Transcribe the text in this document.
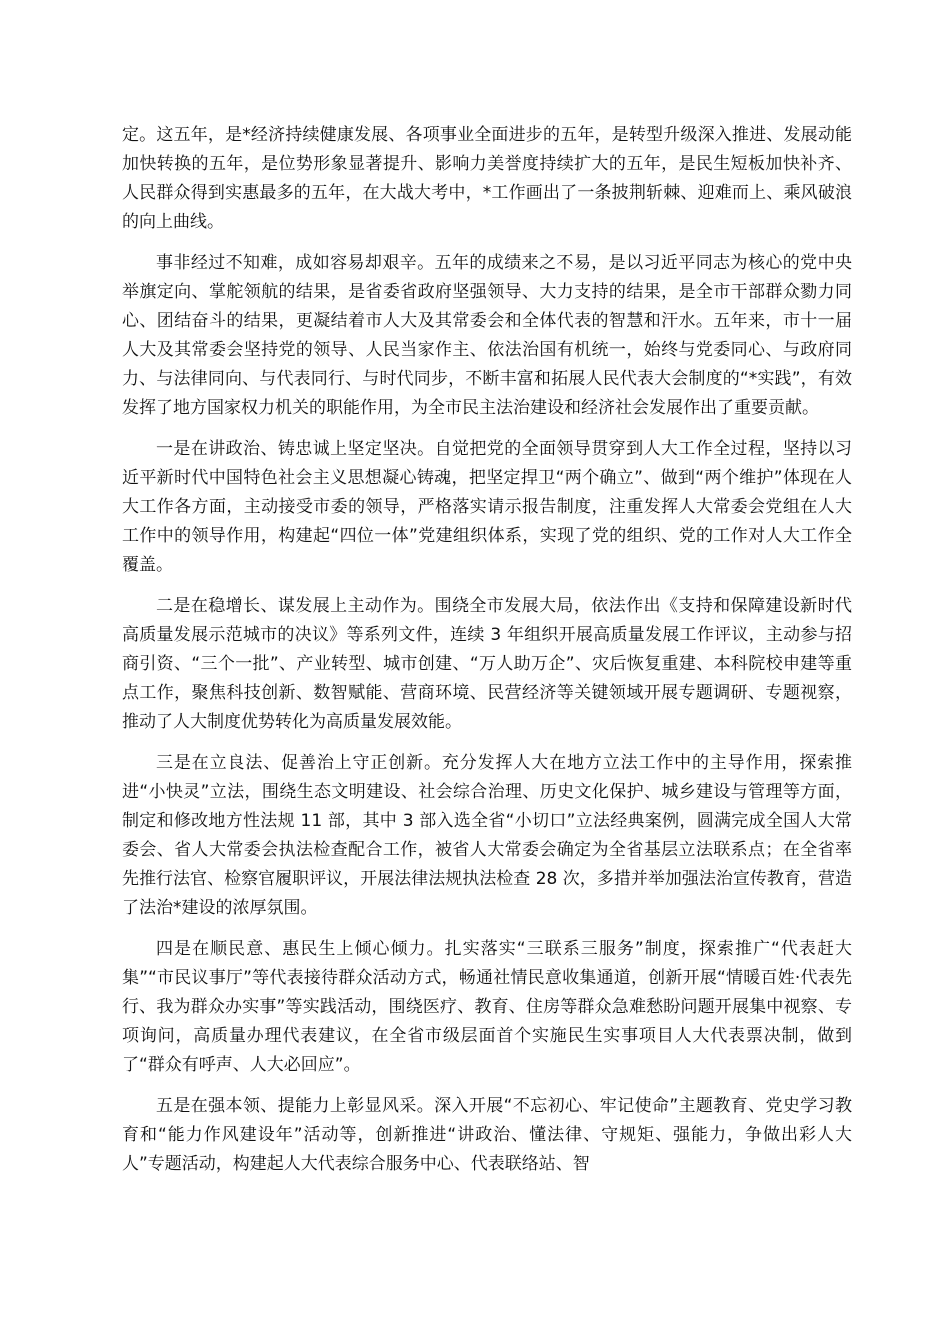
定。这五年，是*经济持续健康发展、各项事业全面进步的五年，是转型升级深入推进、发展动能加快转换的五年，是位势形象显著提升、影响力美誉度持续扩大的五年，是民生短板加快补齐、人民群众得到实惠最多的五年，在大战大考中，*工作画出了一条披荆斩棘、迎难而上、乘风破浪的向上曲线。

事非经过不知难，成如容易却艰辛。五年的成绩来之不易，是以习近平同志为核心的党中央举旗定向、掌舵领航的结果，是省委省政府坚强领导、大力支持的结果，是全市干部群众勠力同心、团结奋斗的结果，更凝结着市人大及其常委会和全体代表的智慧和汗水。五年来，市十一届人大及其常委会坚持党的领导、人民当家作主、依法治国有机统一，始终与党委同心、与政府同力、与法律同向、与代表同行、与时代同步，不断丰富和拓展人民代表大会制度的“*实践”，有效发挥了地方国家权力机关的职能作用，为全市民主法治建设和经济社会发展作出了重要贡献。

一是在讲政治、铸忠诚上坚定坚决。自觉把党的全面领导贯穿到人大工作全过程，坚持以习近平新时代中国特色社会主义思想凝心铸魂，把坚定捍卫“两个确立”、做到“两个维护”体现在人大工作各方面，主动接受市委的领导，严格落实请示报告制度，注重发挥人大常委会党组在人大工作中的领导作用，构建起“四位一体”党建组织体系，实现了党的组织、党的工作对人大工作全覆盖。

二是在稳增长、谋发展上主动作为。围绕全市发展大局，依法作出《支持和保障建设新时代高质量发展示范城市的决议》等系列文件，连续 3 年组织开展高质量发展工作评议，主动参与招商引资、“三个一批”、产业转型、城市创建、“万人助万企”、灾后恢复重建、本科院校申建等重点工作，聚焦科技创新、数智赋能、营商环境、民营经济等关键领域开展专题调研、专题视察，推动了人大制度优势转化为高质量发展效能。

三是在立良法、促善治上守正创新。充分发挥人大在地方立法工作中的主导作用，探索推进“小快灵”立法，围绕生态文明建设、社会综合治理、历史文化保护、城乡建设与管理等方面，制定和修改地方性法规 11 部，其中 3 部入选全省“小切口”立法经典案例，圆满完成全国人大常委会、省人大常委会执法检查配合工作，被省人大常委会确定为全省基层立法联系点；在全省率先推行法官、检察官履职评议，开展法律法规执法检查 28 次，多措并举加强法治宣传教育，营造了法治*建设的浓厚氛围。

四是在顺民意、惠民生上倾心倾力。扎实落实“三联系三服务”制度，探索推广“代表赶大集”“市民议事厅”等代表接待群众活动方式，畅通社情民意收集通道，创新开展“情暖百姓·代表先行、我为群众办实事”等实践活动，围绕医疗、教育、住房等群众急难愁盼问题开展集中视察、专项询问，高质量办理代表建议，在全省市级层面首个实施民生实事项目人大代表票决制，做到了“群众有呼声、人大必回应”。

五是在强本领、提能力上彰显风采。深入开展“不忘初心、牢记使命”主题教育、党史学习教育和“能力作风建设年”活动等，创新推进“讲政治、懂法律、守规矩、强能力，争做出彩人大人”专题活动，构建起人大代表综合服务中心、代表联络站、智
